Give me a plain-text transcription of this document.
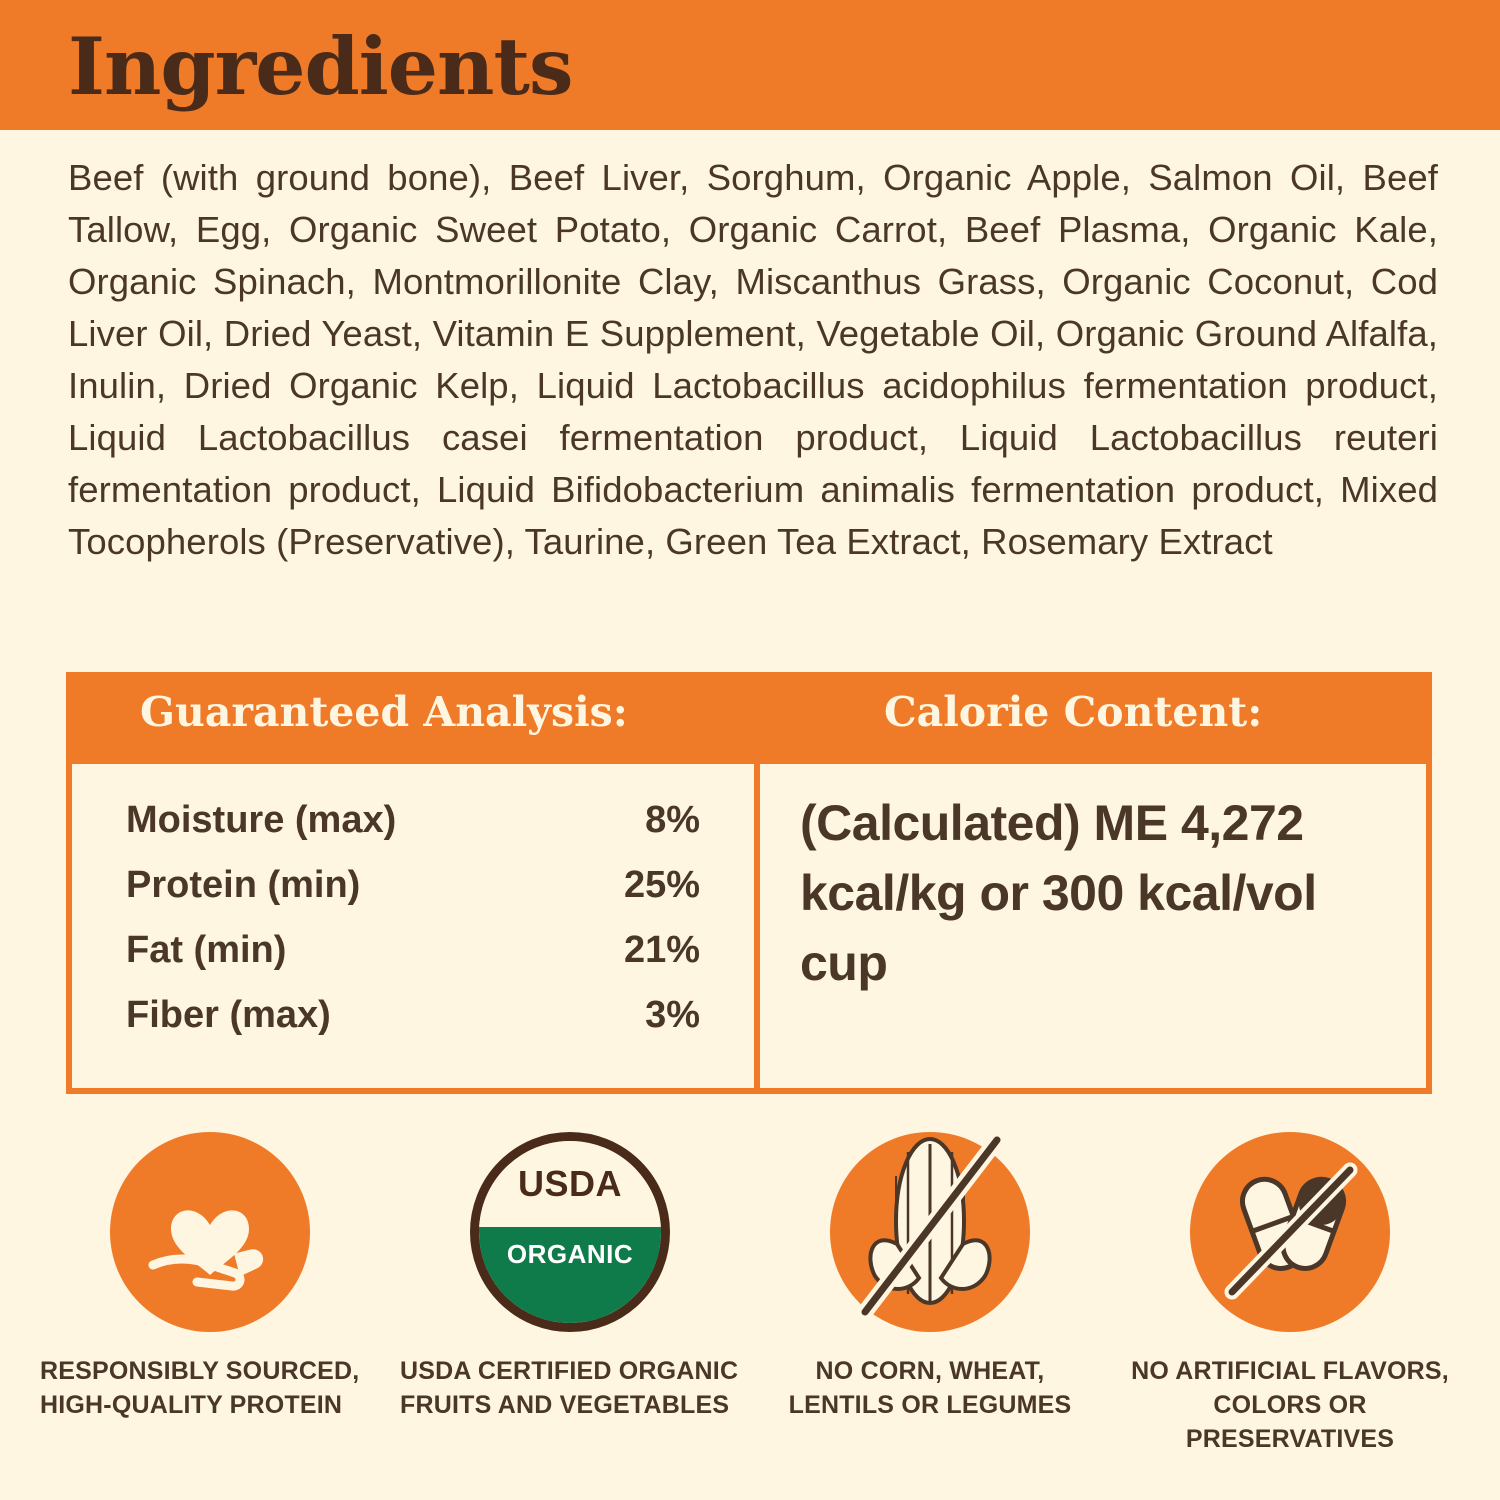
Ingredients
Beef (with ground bone), Beef Liver, Sorghum, Organic Apple, Salmon Oil, Beef Tallow, Egg, Organic Sweet Potato, Organic Carrot, Beef Plasma, Organic Kale, Organic Spinach, Montmorillonite Clay, Miscanthus Grass, Organic Coconut, Cod Liver Oil, Dried Yeast, Vitamin E Supplement, Vegetable Oil, Organic Ground Alfalfa, Inulin, Dried Organic Kelp, Liquid Lactobacillus acidophilus fermentation product, Liquid Lactobacillus casei fermentation product, Liquid Lactobacillus reuteri fermentation product, Liquid Bifidobacterium animalis fermentation product, Mixed Tocopherols (Preservative), Taurine, Green Tea Extract, Rosemary Extract
Guaranteed Analysis:	Calorie Content:
Moisture (max)	8%
Protein (min)	25%
Fat (min)	21%
Fiber (max)	3%
(Calculated) ME 4,272 kcal/kg or 300 kcal/vol cup
RESPONSIBLY SOURCED, HIGH-QUALITY PROTEIN
USDA
ORGANIC
USDA CERTIFIED ORGANIC FRUITS AND VEGETABLES
NO CORN, WHEAT, LENTILS OR LEGUMES
NO ARTIFICIAL FLAVORS, COLORS OR PRESERVATIVES
